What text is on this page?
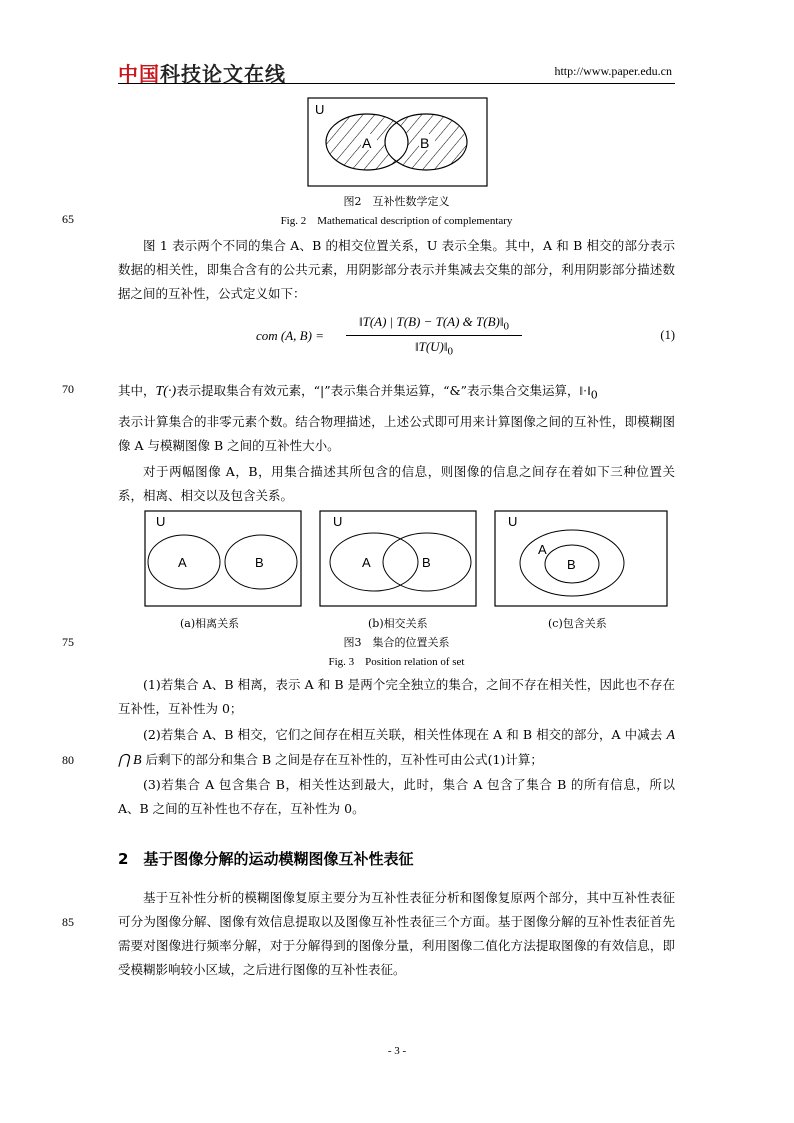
中国科技论文在线	http://www.paper.edu.cn
U
A	B
图2　互补性数学定义
Fig. 2　Mathematical description of complementary
65

图 1 表示两个不同的集合 A、B 的相交位置关系，U 表示全集。其中，A 和 B 相交的部分表示数据的相关性，即集合含有的公共元素，用阴影部分表示并集减去交集的部分，利用阴影部分描述数据之间的互补性，公式定义如下：

com (A, B) =
‖T(A) | T(B) − T(A) & $T(B)‖_0$
$‖T(U)‖_0$
(1)
70	其中，T(·)表示提取集合有效元素，“|”表示集合并集运算，“&”表示集合交集运算，$‖\cdot‖_0$

表示计算集合的非零元素个数。结合物理描述，上述公式即可用来计算图像之间的互补性，即模糊图像 A 与模糊图像 B 之间的互补性大小。

对于两幅图像 A，B，用集合描述其所包含的信息，则图像的信息之间存在着如下三种位置关系，相离、相交以及包含关系。

U
A	B
U
A	B
U
A
B
(a)相离关系	(b)相交关系	(c)包含关系
75	图3　集合的位置关系
Fig. 3　Position relation of set

(1)若集合 A、B 相离，表示 A 和 B 是两个完全独立的集合，之间不存在相关性，因此也不存在互补性，互补性为 0；

(2)若集合 A、B 相交，它们之间存在相互关联，相关性体现在 A 和 B 相交的部分，A 中减去 A ⋂ B 后剩下的部分和集合 B 之间是存在互补性的，互补性可由公式(1)计算；

80

(3)若集合 A 包含集合 B，相关性达到最大，此时，集合 A 包含了集合 B 的所有信息，所以 A、B 之间的互补性也不存在，互补性为 0。

2　基于图像分解的运动模糊图像互补性表征
85

基于互补性分析的模糊图像复原主要分为互补性表征分析和图像复原两个部分，其中互补性表征可分为图像分解、图像有效信息提取以及图像互补性表征三个方面。基于图像分解的互补性表征首先需要对图像进行频率分解，对于分解得到的图像分量，利用图像二值化方法提取图像的有效信息，即受模糊影响较小区域，之后进行图像的互补性表征。

- 3 -
